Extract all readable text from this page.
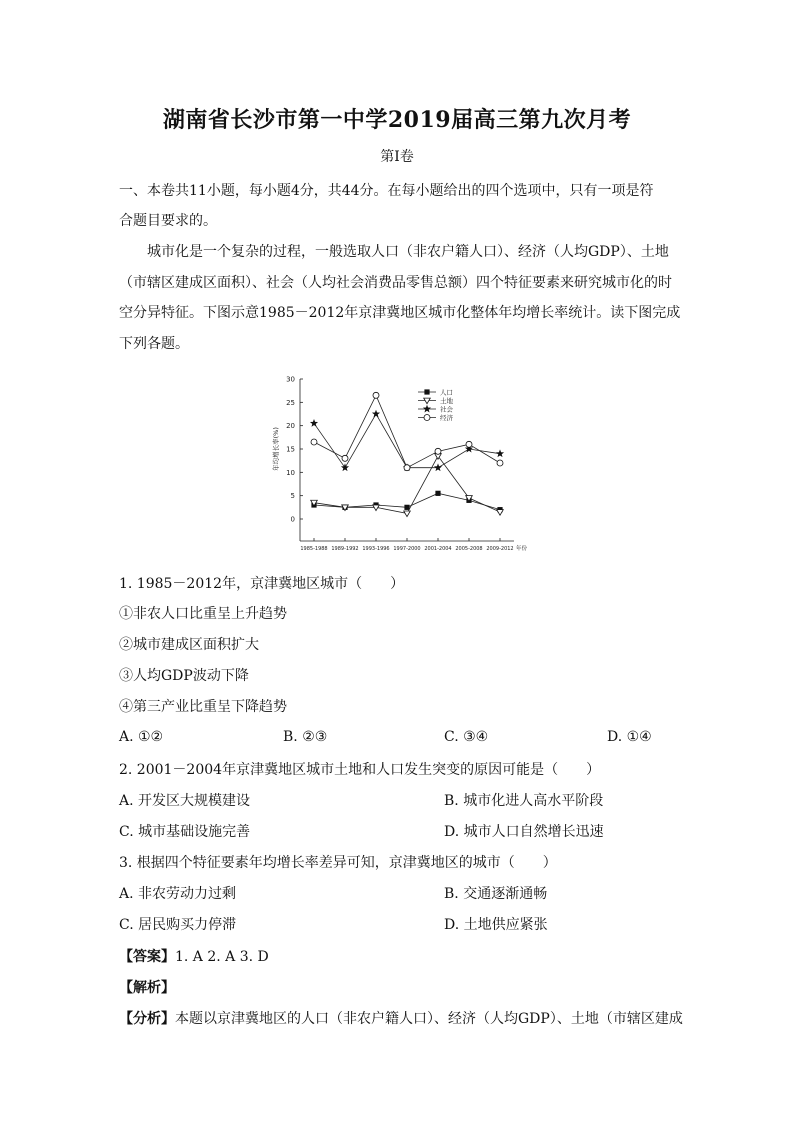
湖南省长沙市第一中学2019届高三第九次月考
第Ⅰ卷
一、本卷共11小题，每小题4分，共44分。在每小题给出的四个选项中，只有一项是符
合题目要求的。
城市化是一个复杂的过程，一般选取人口（非农户籍人口）、经济（人均GDP）、土地
（市辖区建成区面积）、社会（人均社会消费品零售总额）四个特征要素来研究城市化的时
空分异特征。下图示意1985－2012年京津冀地区城市化整体年均增长率统计。读下图完成
下列各题。
0
5
10
15
20
25
30
年均增长率(%)
1985-1988 1989-1992 1993-1996 1997-2000 2001-2004 2005-2008 2009-2012 年份
人口
土地
社会
经济
1. 1985－2012年，京津冀地区城市（　　）
①非农人口比重呈上升趋势
②城市建成区面积扩大
③人均GDP波动下降
④第三产业比重呈下降趋势
A. ①②	B. ②③	C. ③④	D. ①④
2. 2001－2004年京津冀地区城市土地和人口发生突变的原因可能是（　　）
A. 开发区大规模建设	B. 城市化进人高水平阶段
C. 城市基础设施完善	D. 城市人口自然增长迅速
3. 根据四个特征要素年均增长率差异可知，京津冀地区的城市（　　）
A. 非农劳动力过剩	B. 交通逐渐通畅
C. 居民购买力停滞	D. 土地供应紧张
【答案】1. A 2. A 3. D
【解析】
【分析】本题以京津冀地区的人口（非农户籍人口）、经济（人均GDP）、土地（市辖区建成
